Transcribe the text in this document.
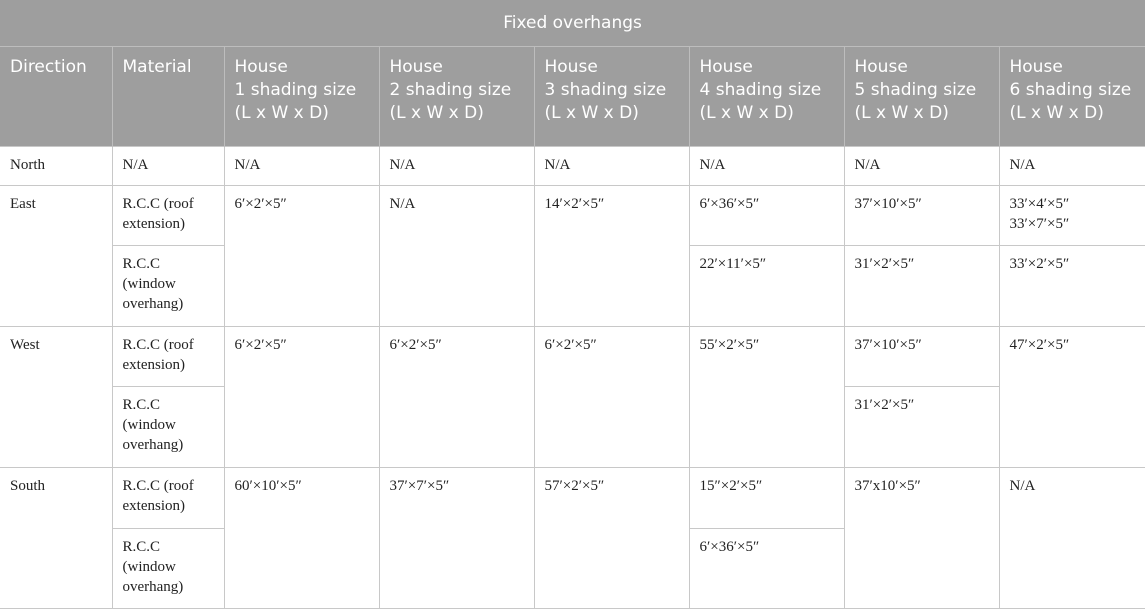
Fixed overhangs							
Direction	Material	House
1 shading size
(L x W x D)	House
2 shading size
(L x W x D)	House
3 shading size
(L x W x D)	House
4 shading size
(L x W x D)	House
5 shading size
(L x W x D)	House
6 shading size
(L x W x D)
North	N/A	N/A	N/A	N/A	N/A	N/A	N/A
East	R.C.C (roof
extension)	6′×2′×5″	N/A	14′×2′×5″	6′×36′×5″	37′×10′×5″	33′×4′×5″
33′×7′×5″
	R.C.C
(window
overhang)				22′×11′×5″	31′×2′×5″	33′×2′×5″
West	R.C.C (roof
extension)	6′×2′×5″	6′×2′×5″	6′×2′×5″	55′×2′×5″	37′×10′×5″	47′×2′×5″
	R.C.C
(window
overhang)					31′×2′×5″	
South	R.C.C (roof
extension)	60′×10′×5″	37′×7′×5″	57′×2′×5″	15″×2′×5″	37′x10′×5″	N/A
	R.C.C
(window
overhang)				6′×36′×5″		
